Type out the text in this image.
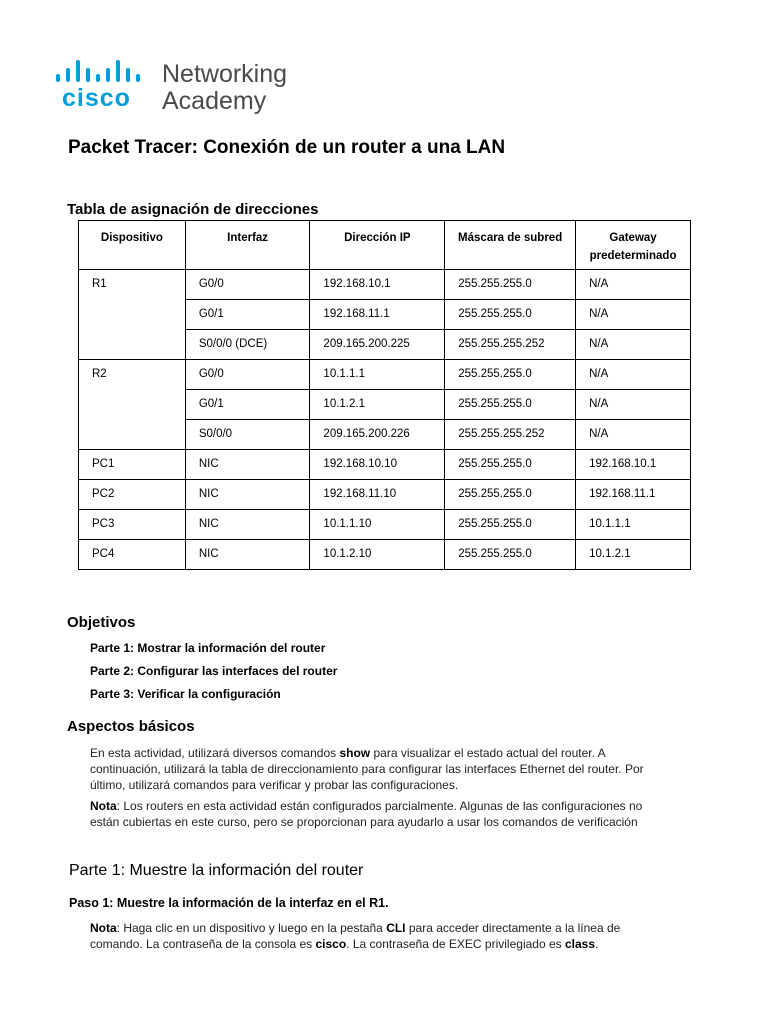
cisco
Networking
Academy
Packet Tracer: Conexión de un router a una LAN
Tabla de asignación de direcciones
Dispositivo	Interfaz	Dirección IP	Máscara de subred	Gateway
predeterminado
R1	G0/0	192.168.10.1	255.255.255.0	N/A
	G0/1	192.168.11.1	255.255.255.0	N/A
	S0/0/0 (DCE)	209.165.200.225	255.255.255.252	N/A
R2	G0/0	10.1.1.1	255.255.255.0	N/A
	G0/1	10.1.2.1	255.255.255.0	N/A
	S0/0/0	209.165.200.226	255.255.255.252	N/A
PC1	NIC	192.168.10.10	255.255.255.0	192.168.10.1
PC2	NIC	192.168.11.10	255.255.255.0	192.168.11.1
PC3	NIC	10.1.1.10	255.255.255.0	10.1.1.1
PC4	NIC	10.1.2.10	255.255.255.0	10.1.2.1
Objetivos
Parte 1: Mostrar la información del router
Parte 2: Configurar las interfaces del router
Parte 3: Verificar la configuración
Aspectos básicos

En esta actividad, utilizará diversos comandos show para visualizar el estado actual del router. A continuación, utilizará la tabla de direccionamiento para configurar las interfaces Ethernet del router. Por último, utilizará comandos para verificar y probar las configuraciones.

Nota: Los routers en esta actividad están configurados parcialmente. Algunas de las configuraciones no están cubiertas en este curso, pero se proporcionan para ayudarlo a usar los comandos de verificación

Parte 1: Muestre la información del router
Paso 1: Muestre la información de la interfaz en el R1.

Nota: Haga clic en un dispositivo y luego en la pestaña CLI para acceder directamente a la línea de comando. La contraseña de la consola es cisco. La contraseña de EXEC privilegiado es class.
